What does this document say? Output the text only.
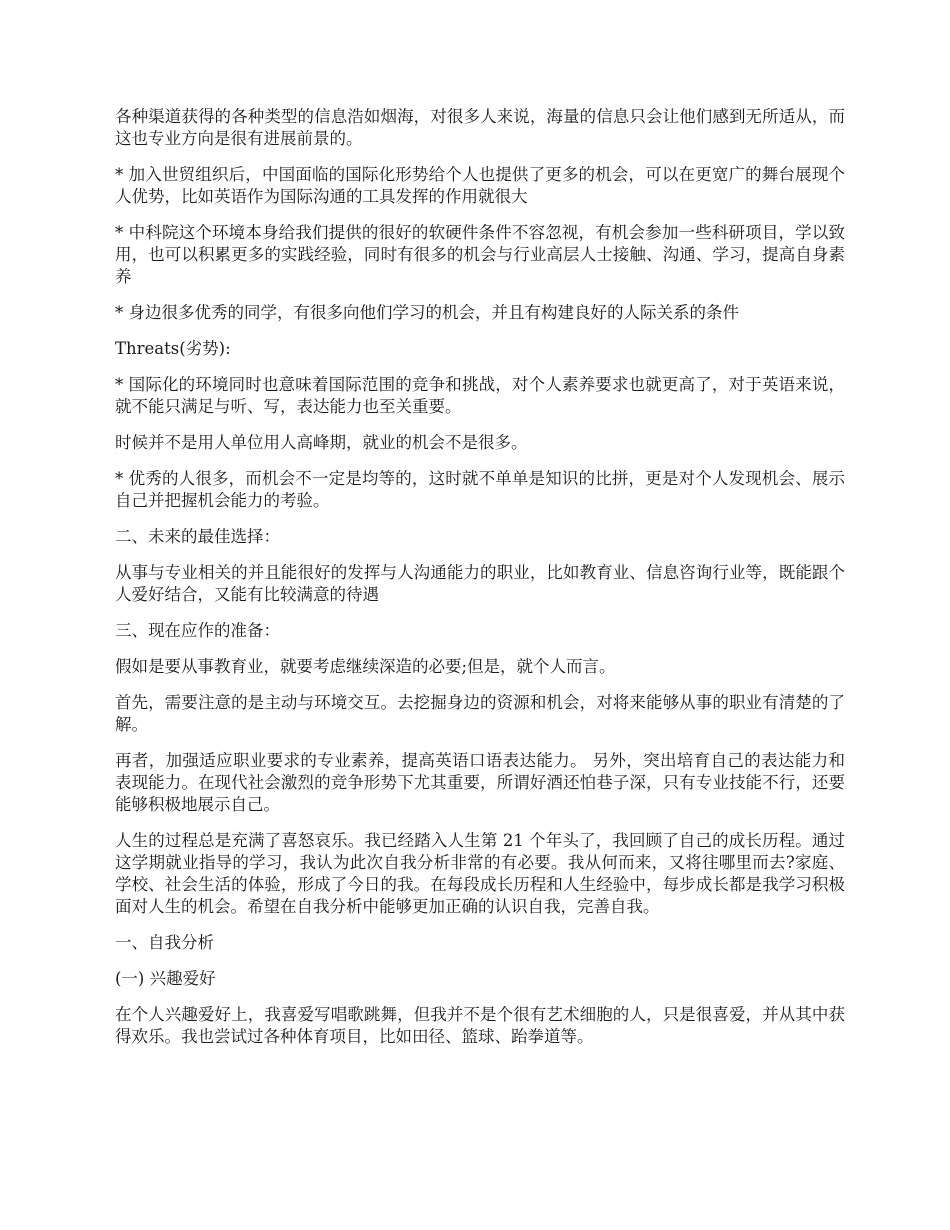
各种渠道获得的各种类型的信息浩如烟海，对很多人来说，海量的信息只会让他们感到无所适从，而这也专业方向是很有进展前景的。

* 加入世贸组织后，中国面临的国际化形势给个人也提供了更多的机会，可以在更宽广的舞台展现个人优势，比如英语作为国际沟通的工具发挥的作用就很大

* 中科院这个环境本身给我们提供的很好的软硬件条件不容忽视，有机会参加一些科研项目，学以致用，也可以积累更多的实践经验，同时有很多的机会与行业高层人士接触、沟通、学习，提高自身素养

* 身边很多优秀的同学，有很多向他们学习的机会，并且有构建良好的人际关系的条件

Threats(劣势):

* 国际化的环境同时也意味着国际范围的竞争和挑战，对个人素养要求也就更高了，对于英语来说，就不能只满足与听、写，表达能力也至关重要。

时候并不是用人单位用人高峰期，就业的机会不是很多。

* 优秀的人很多，而机会不一定是均等的，这时就不单单是知识的比拼，更是对个人发现机会、展示自己并把握机会能力的考验。

二、未来的最佳选择：

从事与专业相关的并且能很好的发挥与人沟通能力的职业，比如教育业、信息咨询行业等，既能跟个人爱好结合，又能有比较满意的待遇

三、现在应作的准备：

假如是要从事教育业，就要考虑继续深造的必要;但是，就个人而言。

首先，需要注意的是主动与环境交互。去挖掘身边的资源和机会，对将来能够从事的职业有清楚的了解。

再者，加强适应职业要求的专业素养，提高英语口语表达能力。 另外，突出培育自己的表达能力和表现能力。在现代社会激烈的竞争形势下尤其重要，所谓好酒还怕巷子深，只有专业技能不行，还要能够积极地展示自己。

人生的过程总是充满了喜怒哀乐。我已经踏入人生第 21 个年头了，我回顾了自己的成长历程。通过这学期就业指导的学习，我认为此次自我分析非常的有必要。我从何而来，又将往哪里而去?家庭、学校、社会生活的体验，形成了今日的我。在每段成长历程和人生经验中，每步成长都是我学习积极面对人生的机会。希望在自我分析中能够更加正确的认识自我，完善自我。

一、自我分析

(一) 兴趣爱好

在个人兴趣爱好上，我喜爱写唱歌跳舞，但我并不是个很有艺术细胞的人，只是很喜爱，并从其中获得欢乐。我也尝试过各种体育项目，比如田径、篮球、跆拳道等。
